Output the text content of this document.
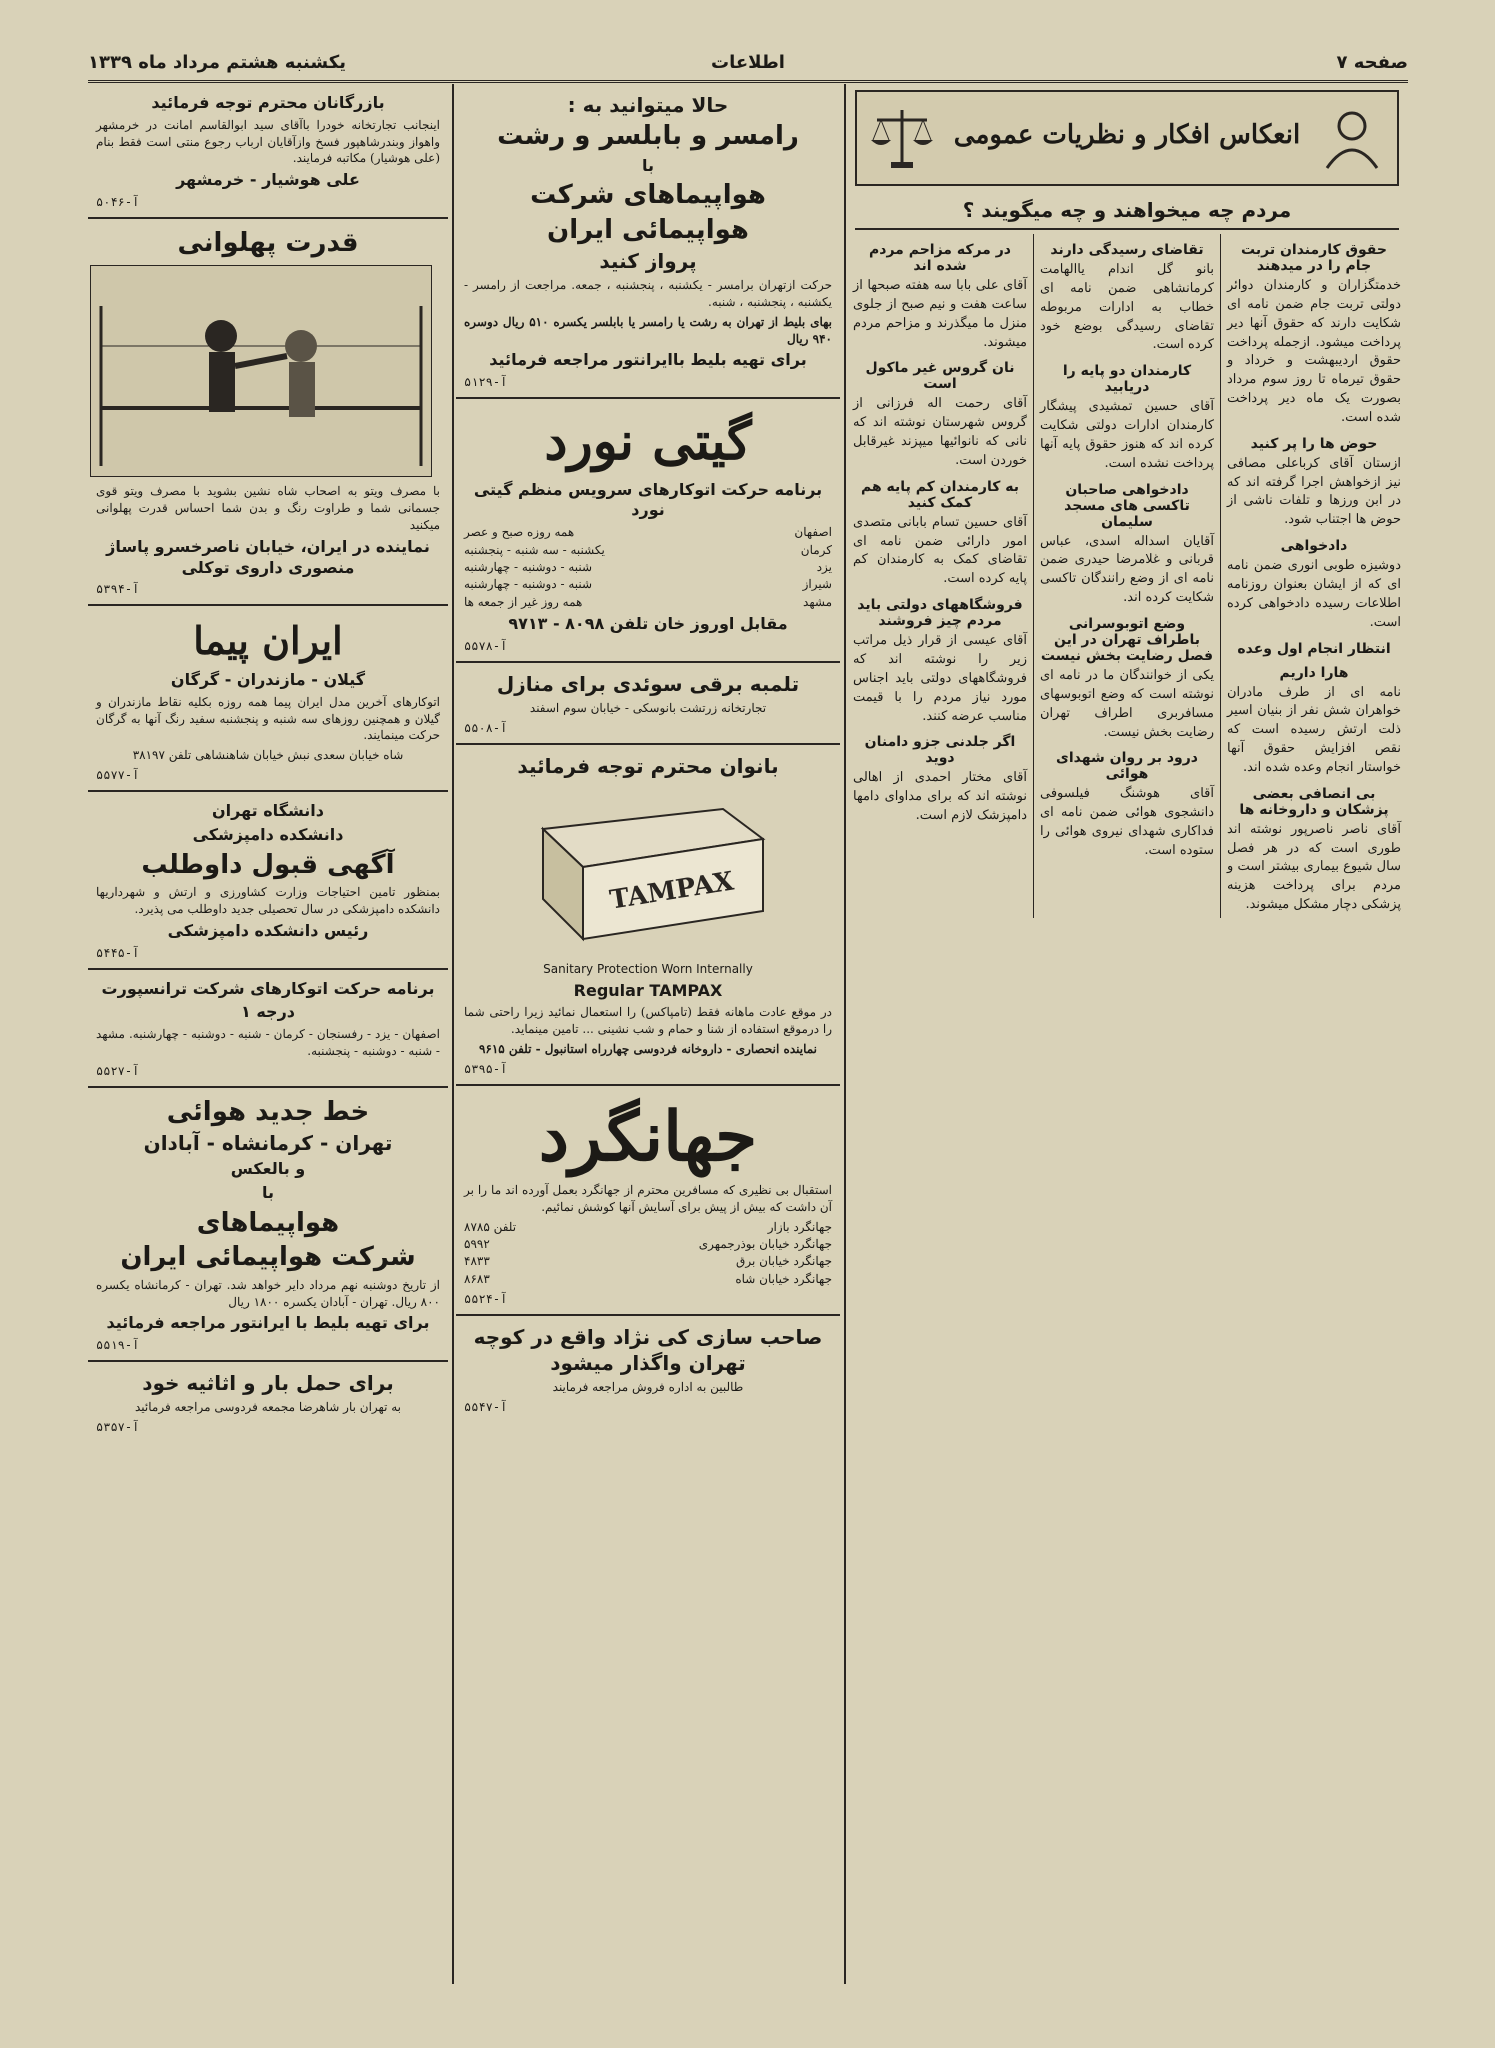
صفحه ۷
اطلاعات
یکشنبه هشتم مرداد ماه ۱۳۳۹
انعکاس افکار و نظریات عمومی
مردم چه میخواهند و چه میگویند ؟
حقوق کارمندان تربت جام را در میدهند

خدمتگزاران و کارمندان دوائر دولتی تربت جام ضمن نامه ای شکایت دارند که حقوق آنها دیر پرداخت میشود. ازجمله پرداخت حقوق اردیبهشت و خرداد و حقوق تیرماه تا روز سوم مرداد بصورت یک ماه دیر پرداخت شده است.

حوض ها را پر کنید

ازستان آقای کرباعلی مصافی نیز ازخواهش اجرا گرفته اند که در ابن ورزها و تلفات ناشی از حوض ها اجتناب شود.

دادخواهی

دوشیزه طوبی انوری ضمن نامه ای که از ایشان بعنوان روزنامه اطلاعات رسیده دادخواهی کرده است.

انتظار انجام اول وعده
هارا داریم

نامه ای از طرف مادران خواهران شش نفر از بنیان اسیر ذلت ارتش رسیده است که نقص افزایش حقوق آنها خواستار انجام وعده شده اند.

بی انصافی بعضی پزشکان و داروخانه ها

آقای ناصر ناصرپور نوشته اند طوری است که در هر فصل سال شیوع بیماری بیشتر است و مردم برای پرداخت هزینه پزشکی دچار مشکل میشوند.

تقاضای رسیدگی دارند

بانو گل اندام یاالهامت کرمانشاهی ضمن نامه ای خطاب به ادارات مربوطه تقاضای رسیدگی بوضع خود کرده است.

کارمندان دو پایه را دریابید

آقای حسین تمشیدی پیشگار کارمندان ادارات دولتی شکایت کرده اند که هنوز حقوق پایه آنها پرداخت نشده است.

دادخواهی صاحبان تاکسی های مسجد سلیمان

آقایان اسداله اسدی، عباس قربانی و غلامرضا حیدری ضمن نامه ای از وضع رانندگان تاکسی شکایت کرده اند.

وضع اتوبوسرانی باطراف تهران در این فصل رضایت بخش نیست

یکی از خوانندگان ما در نامه ای نوشته است که وضع اتوبوسهای مسافربری اطراف تهران رضایت بخش نیست.

درود بر روان شهدای هوائی

آقای هوشنگ فیلسوفی دانشجوی هوائی ضمن نامه ای فداکاری شهدای نیروی هوائی را ستوده است.

در مرکه مزاحم مردم شده اند

آقای علی بابا سه هفته صبحها از ساعت هفت و نیم صبح از جلوی منزل ما میگذرند و مزاحم مردم میشوند.

نان گروس غیر ماکول است

آقای رحمت اله فرزانی از گروس شهرستان نوشته اند که نانی که نانوائیها میپزند غیرقابل خوردن است.

به کارمندان کم پایه هم کمک کنید

آقای حسین تسام بابانی متصدی امور دارائی ضمن نامه ای تقاضای کمک به کارمندان کم پایه کرده است.

فروشگاههای دولتی باید مردم چیز فروشند

آقای عیسی از قرار ذیل مراتب زیر را نوشته اند که فروشگاههای دولتی باید اجناس مورد نیاز مردم را با قیمت مناسب عرضه کنند.

اگر جلدنی جزو دامنان دوید

آقای مختار احمدی از اهالی نوشته اند که برای مداوای دامها دامپزشک لازم است.

حالا میتوانید به :
رامسر و بابلسر و رشت
با
هواپیماهای شرکت
هواپیمائی ایران
پرواز کنید

حرکت ازتهران برامسر - یکشنبه ، پنجشنبه ، جمعه. مراجعت از رامسر - یکشنبه ، پنجشنبه ، شنبه.

بهای بلیط از تهران به رشت یا رامسر یا بابلسر یکسره ۵۱۰ ریال دوسره ۹۴۰ ریال

برای تهیه بلیط باایرانتور مراجعه فرمائید
آ-۵۱۲۹
گیتی نورد
برنامه حرکت اتوکارهای سرویس منظم گیتی نورد
اصفهان
همه روزه صبح و عصر
کرمان
یکشنبه - سه شنبه - پنجشنبه
یزد
شنبه - دوشنبه - چهارشنبه
شیراز
شنبه - دوشنبه - چهارشنبه
مشهد
همه روز غیر از جمعه ها
مقابل اوروز خان تلفن ۸۰۹۸ - ۹۷۱۳
آ-۵۵۷۸
تلمبه برقی سوئدی برای منازل

تجارتخانه زرتشت بانوسکی - خیابان سوم اسفند

آ-۵۵۰۸
بانوان محترم توجه فرمائید
TAMPAX
Sanitary Protection Worn Internally
Regular TAMPAX

در موقع عادت ماهانه فقط (تامپاکس) را استعمال نمائید زیرا راحتی شما را درموقع استفاده از شنا و حمام و شب نشینی ... تامین مینماید.

نماینده انحصاری - داروخانه فردوسی چهارراه استانبول - تلفن ۹۶۱۵

آ-۵۳۹۵
جهانگرد

استقبال بی نظیری که مسافرین محترم از جهانگرد بعمل آورده اند ما را بر آن داشت که بیش از پیش برای آسایش آنها کوشش نمائیم.

جهانگرد بازار
تلفن ۸۷۸۵
جهانگرد خیابان بوذرجمهری
۵۹۹۲
جهانگرد خیابان برق
۴۸۳۳
جهانگرد خیابان شاه
۸۶۸۳
آ-۵۵۲۴
صاحب سازی کی نژاد واقع در کوچه تهران واگذار میشود

طالبین به اداره فروش مراجعه فرمایند

آ-۵۵۴۷
بازرگانان محترم توجه فرمائید

اینجانب تجارتخانه خودرا باآقای سید ابوالقاسم امانت در خرمشهر واهواز وبندرشاهپور فسخ وازآقایان ارباب رجوع منتی است فقط بنام (علی هوشیار) مکاتبه فرمایند.

علی هوشیار - خرمشهر
آ-۵۰۴۶
قدرت پهلوانی

با مصرف ویتو به اصحاب شاه نشین بشوید با مصرف ویتو قوی جسمانی شما و طراوت رنگ و بدن شما احساس قدرت پهلوانی میکنید

نماینده در ایران، خیابان ناصرخسرو پاساژ منصوری داروی توکلی
آ-۵۳۹۴
ایران پیما
گیلان - مازندران - گرگان

اتوکارهای آخرین مدل ایران پیما همه روزه بکلیه نقاط مازندران و گیلان و همچنین روزهای سه شنبه و پنجشنبه سفید رنگ آنها به گرگان حرکت مینمایند.

شاه خیابان سعدی نبش خیابان شاهنشاهی تلفن ۳۸۱۹۷

آ-۵۵۷۷
دانشگاه تهران
دانشکده دامپزشکی
آگهی قبول داوطلب

بمنظور تامین احتیاجات وزارت کشاورزی و ارتش و شهرداریها دانشکده دامپزشکی در سال تحصیلی جدید داوطلب می پذیرد.

رئیس دانشکده دامپزشکی
آ-۵۴۴۵
برنامه حرکت اتوکارهای شرکت ترانسپورت
درجه ۱

اصفهان - یزد - رفسنجان - کرمان - شنبه - دوشنبه - چهارشنبه. مشهد - شنبه - دوشنبه - پنجشنبه.

آ-۵۵۲۷
خط جدید هوائی
تهران - کرمانشاه - آبادان
و بالعکس
با
هواپیماهای
شرکت هواپیمائی ایران

از تاریخ دوشنبه نهم مرداد دایر خواهد شد. تهران - کرمانشاه یکسره ۸۰۰ ریال. تهران - آبادان یکسره ۱۸۰۰ ریال

برای تهیه بلیط با ایرانتور مراجعه فرمائید
آ-۵۵۱۹
برای حمل بار و اثاثیه خود

به تهران بار شاهرضا مجمعه فردوسی مراجعه فرمائید

آ-۵۳۵۷
